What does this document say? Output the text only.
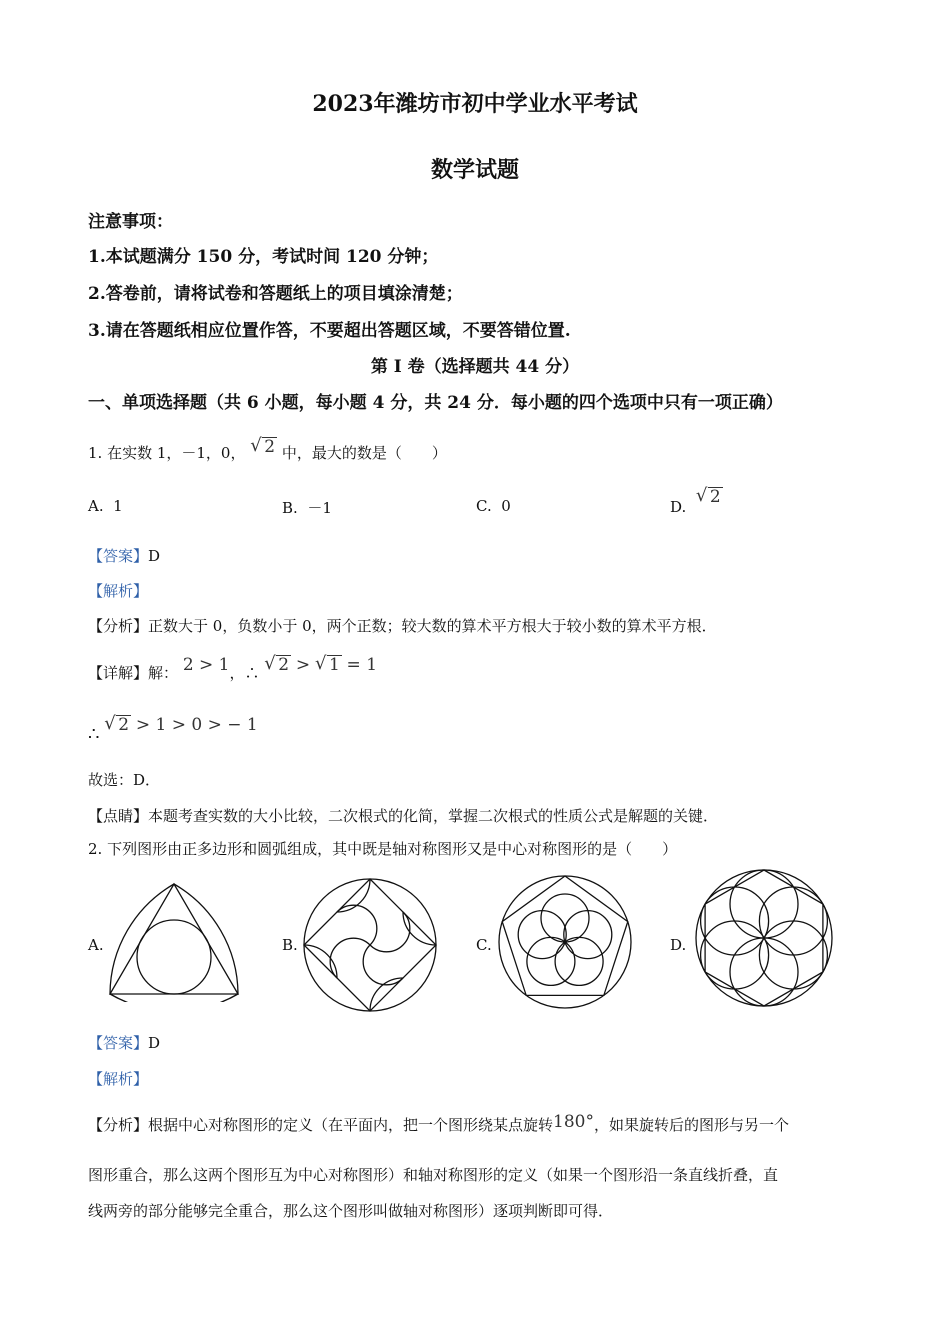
2023年潍坊市初中学业水平考试
数学试题
注意事项：
1.本试题满分 150 分，考试时间 120 分钟；
2.答卷前，请将试卷和答题纸上的项目填涂清楚；
3.请在答题纸相应位置作答，不要超出答题区域，不要答错位置.
第 I 卷（选择题共 44 分）
一、单项选择题（共 6 小题，每小题 4 分，共 24 分．每小题的四个选项中只有一项正确）
1. 在实数 1，－1，0， √ 2 中，最大的数是（　　）
A. 1	B. －1	C. 0	D.
√ 2
【答案】D
【解析】
【分析】正数大于 0，负数小于 0，两个正数；较大数的算术平方根大于较小数的算术平方根．
【详解】解： 2 > 1，∴ √ 2 > √ 1 = 1
∴
√ 2 > 1 > 0 > − 1
故选：D．
【点睛】本题考查实数的大小比较，二次根式的化简，掌握二次根式的性质公式是解题的关键．
2. 下列图形由正多边形和圆弧组成，其中既是轴对称图形又是中心对称图形的是（　　）
A.	B.	C.	D.
【答案】D
【解析】
【分析】根据中心对称图形的定义（在平面内，把一个图形绕某点旋转180°，如果旋转后的图形与另一个
图形重合，那么这两个图形互为中心对称图形）和轴对称图形的定义（如果一个图形沿一条直线折叠，直
线两旁的部分能够完全重合，那么这个图形叫做轴对称图形）逐项判断即可得．
